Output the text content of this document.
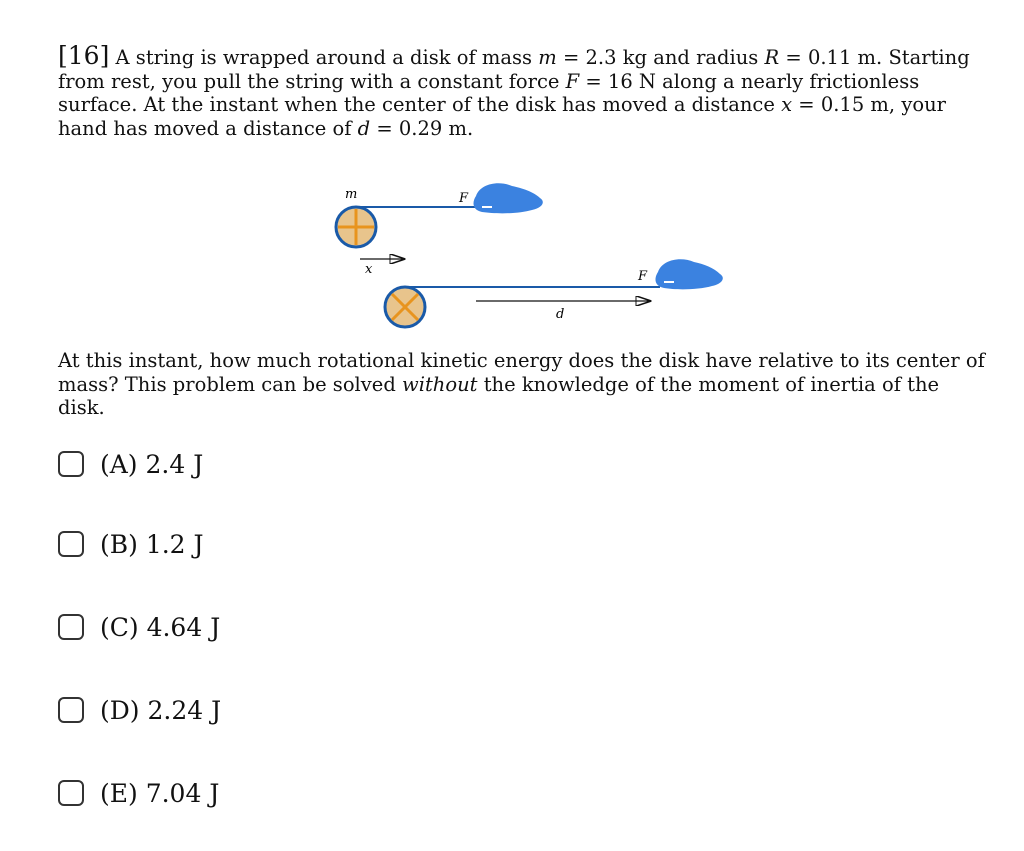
[16] A string is wrapped around a disk of mass m = 2.3 kg and radius R = 0.11 m. Starting from rest, you pull the string with a constant force F = 16 N along a nearly frictionless surface. At the instant when the center of the disk has moved a distance x = 0.15 m, your hand has moved a distance of d = 0.29 m.
m	F
x	F
d
At this instant, how much rotational kinetic energy does the disk have relative to its center of mass? This problem can be solved without the knowledge of the moment of inertia of the disk.
(A) 2.4 J
(B) 1.2 J
(C) 4.64 J
(D) 2.24 J
(E) 7.04 J
